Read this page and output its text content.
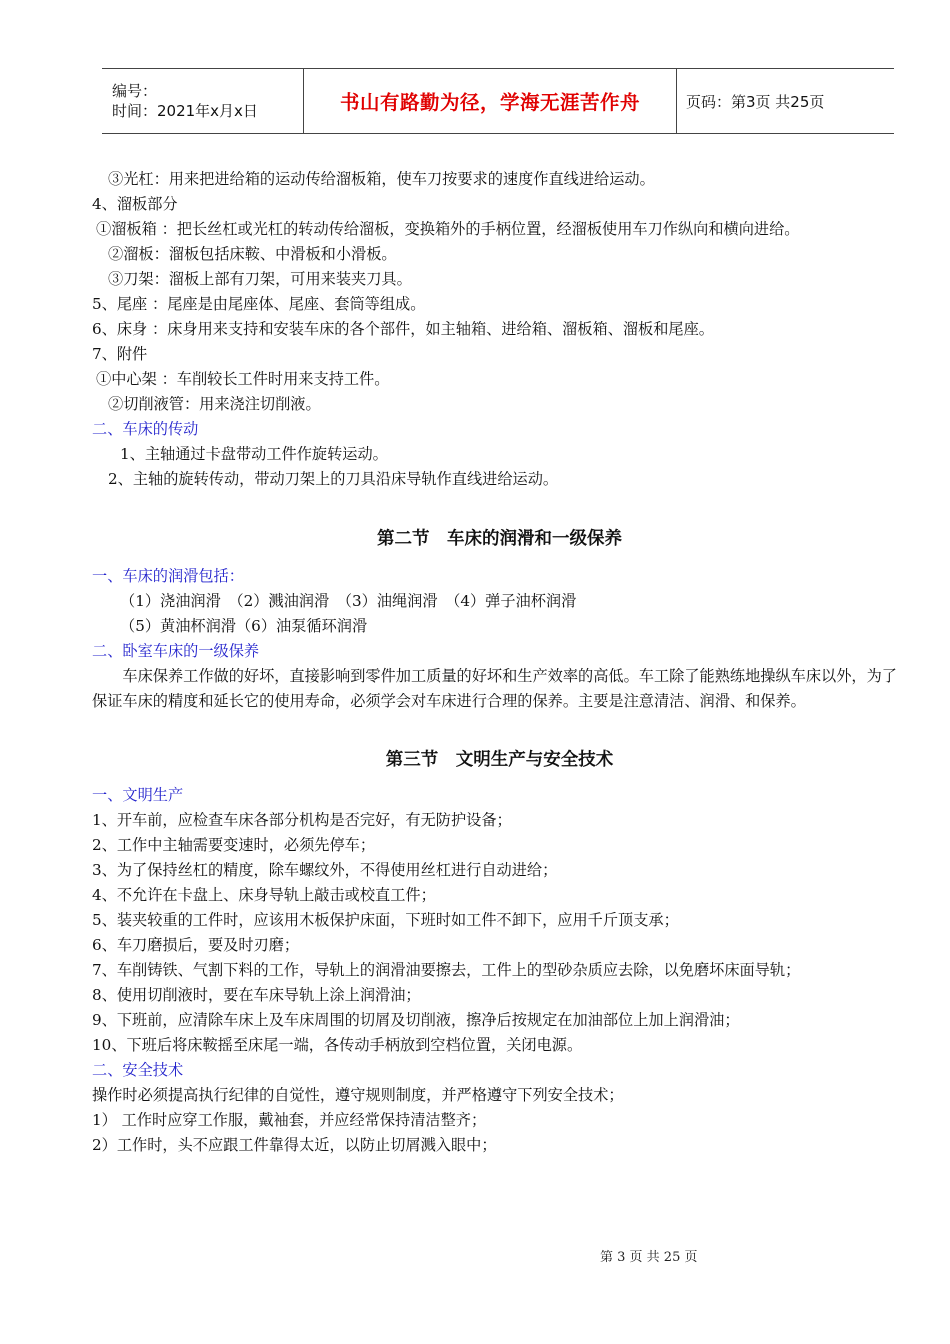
编号：
时间：2021年x月x日	书山有路勤为径，学海无涯苦作舟	页码：第3页 共25页

③光杠：用来把进给箱的运动传给溜板箱，使车刀按要求的速度作直线进给运动。

4、溜板部分

①溜板箱 ：把长丝杠或光杠的转动传给溜板，变换箱外的手柄位置，经溜板使用车刀作纵向和横向进给。

②溜板：溜板包括床鞍、中滑板和小滑板。

③刀架：溜板上部有刀架，可用来装夹刀具。

5、尾座 ：尾座是由尾座体、尾座、套筒等组成。

6、床身 ：床身用来支持和安装车床的各个部件，如主轴箱、进给箱、溜板箱、溜板和尾座。

7、附件

①中心架 ：车削较长工件时用来支持工件。

②切削液管：用来浇注切削液。

二、车床的传动

1、主轴通过卡盘带动工件作旋转运动。

2、主轴的旋转传动，带动刀架上的刀具沿床导轨作直线进给运动。

第二节　车床的润滑和一级保养

一、车床的润滑包括：

（1）浇油润滑　（2）溅油润滑　（3）油绳润滑　（4）弹子油杯润滑

（5）黄油杯润滑（6）油泵循环润滑

二、卧室车床的一级保养

车床保养工作做的好坏，直接影响到零件加工质量的好坏和生产效率的高低。车工除了能熟练地操纵车床以外，为了保证车床的精度和延长它的使用寿命，必须学会对车床进行合理的保养。主要是注意清洁、润滑、和保养。

第三节　文明生产与安全技术

一、文明生产

1、开车前，应检查车床各部分机构是否完好，有无防护设备；

2、工作中主轴需要变速时，必须先停车；

3、为了保持丝杠的精度，除车螺纹外，不得使用丝杠进行自动进给；

4、不允许在卡盘上、床身导轨上敲击或校直工件；

5、装夹较重的工件时，应该用木板保护床面，下班时如工件不卸下，应用千斤顶支承；

6、车刀磨损后，要及时刃磨；

7、车削铸铁、气割下料的工作，导轨上的润滑油要擦去，工件上的型砂杂质应去除，以免磨坏床面导轨；

8、使用切削液时，要在车床导轨上涂上润滑油；

9、下班前，应清除车床上及车床周围的切屑及切削液，擦净后按规定在加油部位上加上润滑油；

10、下班后将床鞍摇至床尾一端，各传动手柄放到空档位置，关闭电源。

二、安全技术

操作时必须提高执行纪律的自觉性，遵守规则制度，并严格遵守下列安全技术；

1） 工作时应穿工作服，戴袖套，并应经常保持清洁整齐；

2）工作时，头不应跟工件靠得太近，以防止切屑溅入眼中；

第 3 页 共 25 页
